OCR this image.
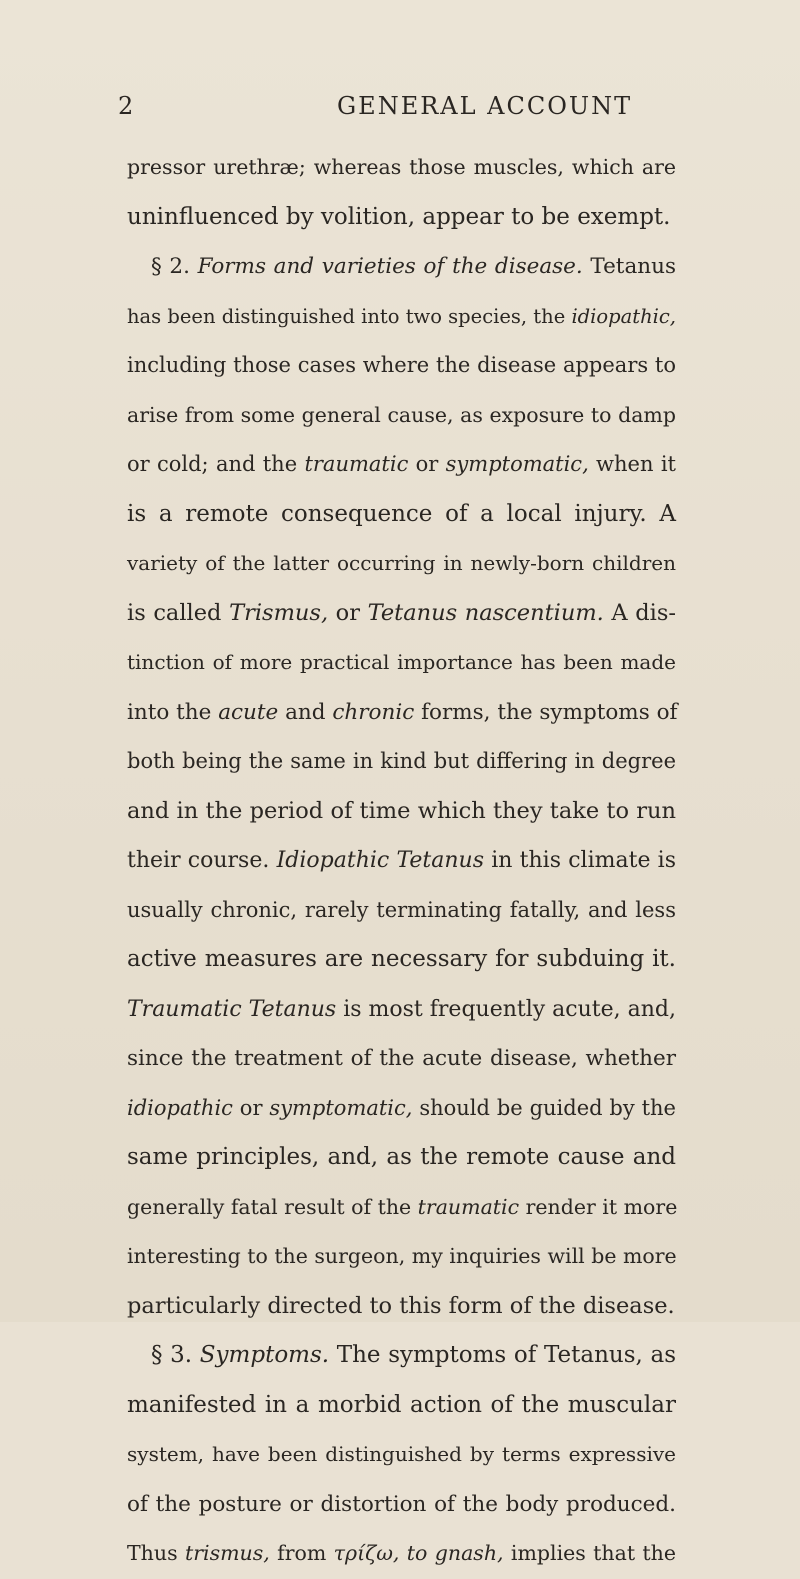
2	GENERAL ACCOUNT
pressor urethræ; whereas those muscles, which are
uninfluenced by volition, appear to be exempt.
§ 2. Forms and varieties of the disease. Tetanus
has been distinguished into two species, the idiopathic,
including those cases where the disease appears to
arise from some general cause, as exposure to damp
or cold; and the traumatic or symptomatic, when it
is a remote consequence of a local injury. A
variety of the latter occurring in newly-born children
is called Trismus, or Tetanus nascentium. A dis-
tinction of more practical importance has been made
into the acute and chronic forms, the symptoms of
both being the same in kind but differing in degree
and in the period of time which they take to run
their course. Idiopathic Tetanus in this climate is
usually chronic, rarely terminating fatally, and less
active measures are necessary for subduing it.
Traumatic Tetanus is most frequently acute, and,
since the treatment of the acute disease, whether
idiopathic or symptomatic, should be guided by the
same principles, and, as the remote cause and
generally fatal result of the traumatic render it more
interesting to the surgeon, my inquiries will be more
particularly directed to this form of the disease.
§ 3. Symptoms. The symptoms of Tetanus, as
manifested in a morbid action of the muscular
system, have been distinguished by terms expressive
of the posture or distortion of the body produced.
Thus trismus, from τρίζω, to gnash, implies that the
